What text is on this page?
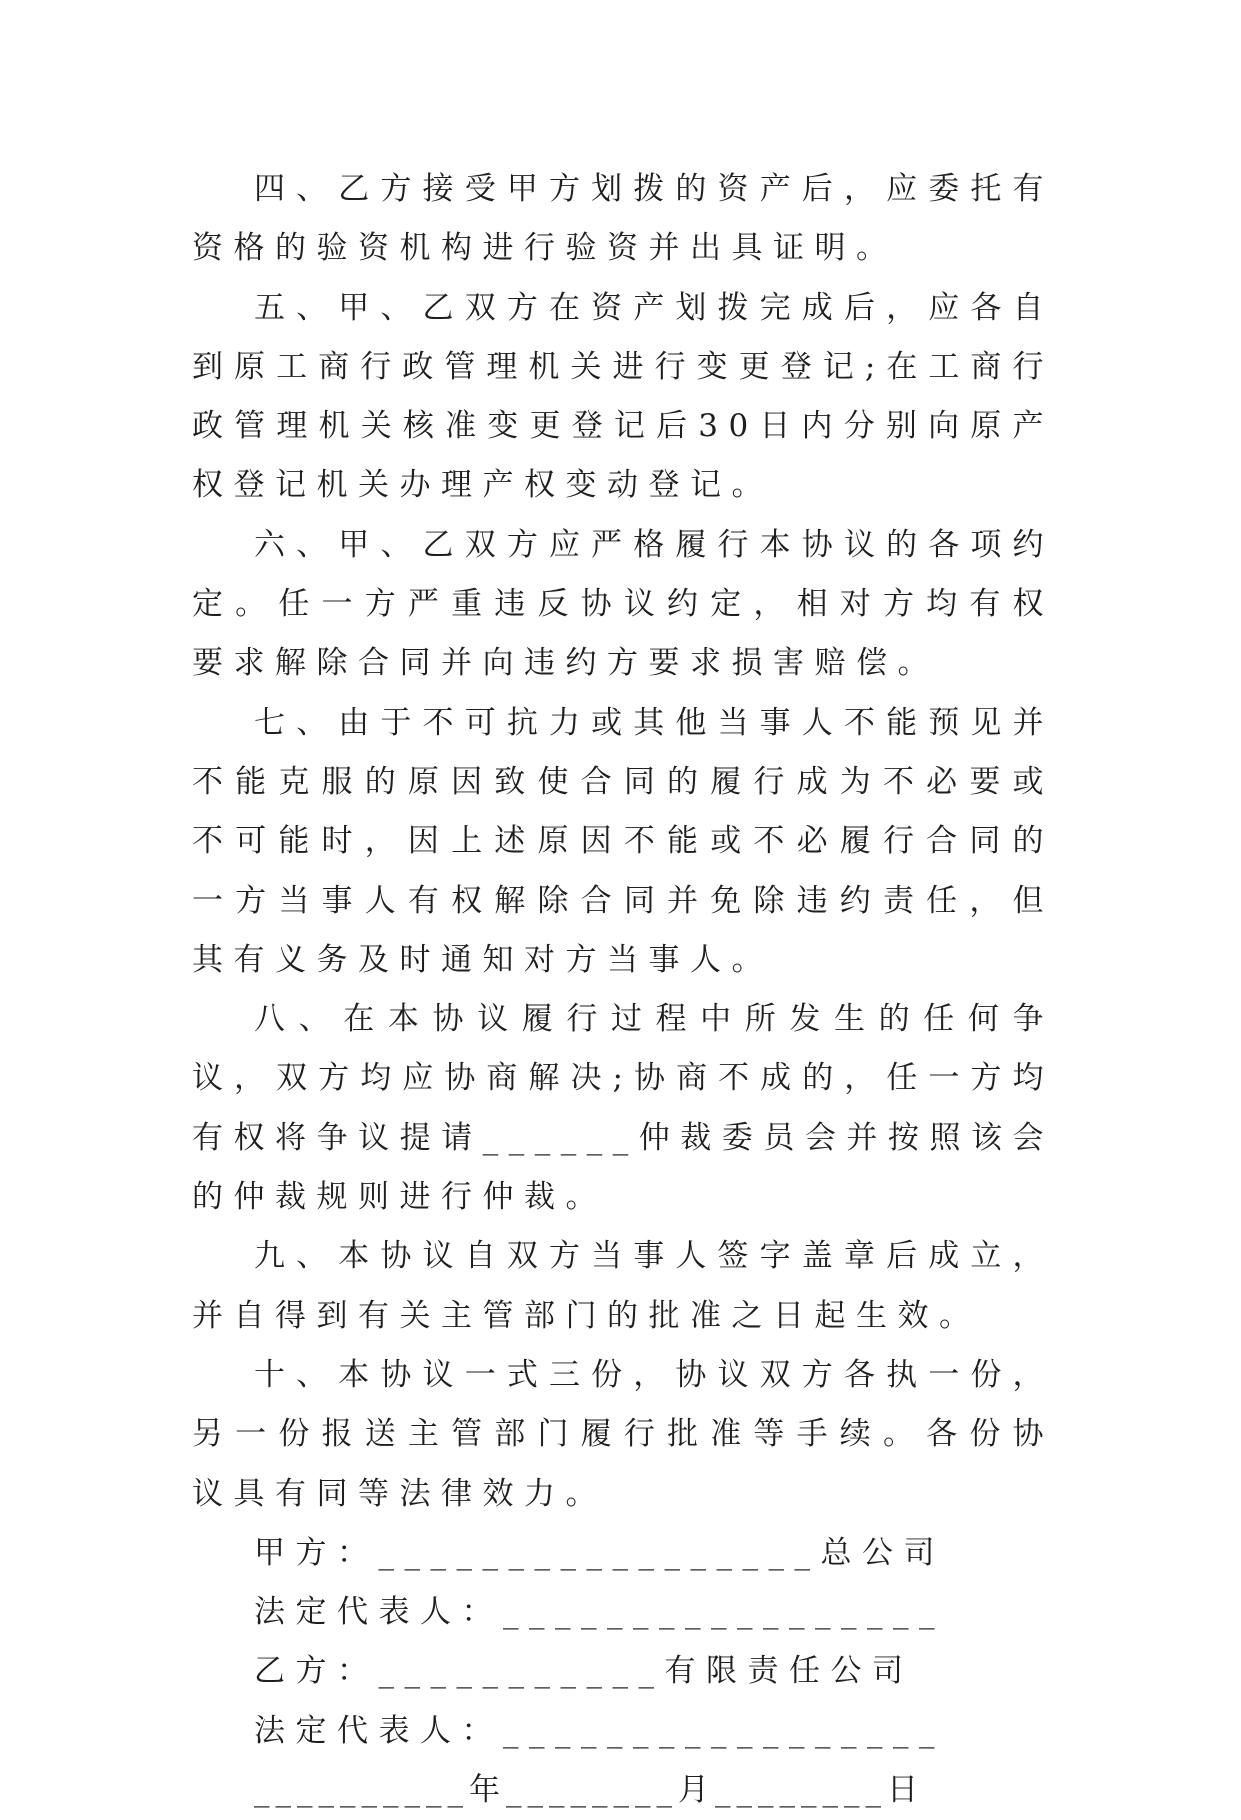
四、乙方接受甲方划拨的资产后，应委托有资格的验资机构进行验资并出具证明。

五、甲、乙双方在资产划拨完成后，应各自到原工商行政管理机关进行变更登记;在工商行政管理机关核准变更登记后30日内分别向原产权登记机关办理产权变动登记。

六、甲、乙双方应严格履行本协议的各项约定。任一方严重违反协议约定，相对方均有权要求解除合同并向违约方要求损害赔偿。

七、由于不可抗力或其他当事人不能预见并不能克服的原因致使合同的履行成为不必要或不可能时，因上述原因不能或不必履行合同的一方当事人有权解除合同并免除违约责任，但其有义务及时通知对方当事人。

八、在本协议履行过程中所发生的任何争议，双方均应协商解决;协商不成的，任一方均有权将争议提请______仲裁委员会并按照该会的仲裁规则进行仲裁。

九、本协议自双方当事人签字盖章后成立，并自得到有关主管部门的批准之日起生效。

十、本协议一式三份，协议双方各执一份，另一份报送主管部门履行批准等手续。各份协议具有同等法律效力。

甲方：_________________总公司

法定代表人：_________________

乙方：___________有限责任公司

法定代表人：_________________

__________年________月________日
